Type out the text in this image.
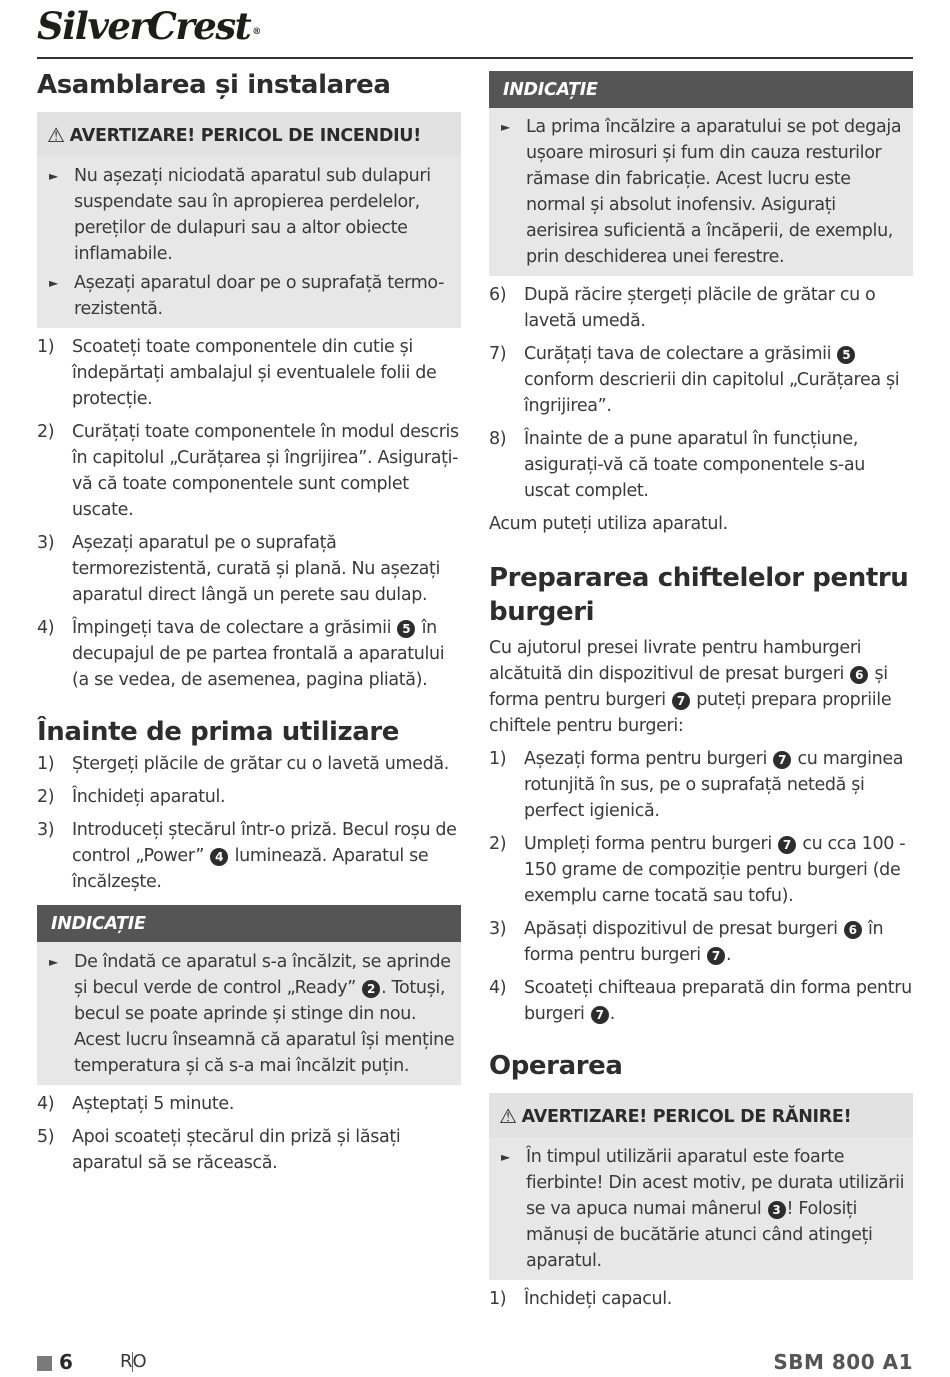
SilverCrest ®
Asamblarea și instalarea
⚠ AVERTIZARE! PERICOL DE INCENDIU!
► Nu așezați niciodată aparatul sub dulapuri suspendate sau în apropierea perdelelor, pereților de dulapuri sau a altor obiecte inflamabile.
► Așezați aparatul doar pe o suprafață termo-rezistentă.
1) Scoateți toate componentele din cutie și îndepărtați ambalajul și eventualele folii de protecție.
2) Curățați toate componentele în modul descris în capitolul „Curățarea și îngrijirea”. Asigurați-vă că toate componentele sunt complet uscate.
3) Așezați aparatul pe o suprafață termorezistentă, curată și plană. Nu așezați aparatul direct lângă un perete sau dulap.
4) Împingeți tava de colectare a grăsimii 5 în decupajul de pe partea frontală a aparatului (a se vedea, de asemenea, pagina pliată).
Înainte de prima utilizare
1) Ștergeți plăcile de grătar cu o lavetă umedă.
2) Închideți aparatul.
3) Introduceți ștecărul într-o priză. Becul roșu de control „Power” 4 luminează. Aparatul se încălzește.
INDICAȚIE
► De îndată ce aparatul s-a încălzit, se aprinde și becul verde de control „Ready” 2 . Totuși, becul se poate aprinde și stinge din nou. Acest lucru înseamnă că aparatul își menține temperatura și că s-a mai încălzit puțin.
4) Așteptați 5 minute.
5) Apoi scoateți ștecărul din priză și lăsați aparatul să se răcească.
INDICAȚIE
► La prima încălzire a aparatului se pot degaja ușoare mirosuri și fum din cauza resturilor rămase din fabricație. Acest lucru este normal și absolut inofensiv. Asigurați aerisirea suficientă a încăperii, de exemplu, prin deschiderea unei ferestre.
6) După răcire ștergeți plăcile de grătar cu o lavetă umedă.
7) Curățați tava de colectare a grăsimii 5 conform descrierii din capitolul „Curățarea și îngrijirea”.
8) Înainte de a pune aparatul în funcțiune, asigurați-vă că toate componentele s-au uscat complet.

Acum puteți utiliza aparatul.

Prepararea chiftelelor pentru burgeri

Cu ajutorul presei livrate pentru hamburgeri alcătuită din dispozitivul de presat burgeri 6 și forma pentru burgeri 7 puteți prepara propriile chiftele pentru burgeri:

1) Așezați forma pentru burgeri 7 cu marginea rotunjită în sus, pe o suprafață netedă și perfect igienică.
2) Umpleți forma pentru burgeri 7 cu cca 100 - 150 grame de compoziție pentru burgeri (de exemplu carne tocată sau tofu).
3) Apăsați dispozitivul de presat burgeri 6 în forma pentru burgeri 7 .
4) Scoateți chifteaua preparată din forma pentru burgeri 7 .
Operarea
⚠ AVERTIZARE! PERICOL DE RĂNIRE!
► În timpul utilizării aparatul este foarte fierbinte! Din acest motiv, pe durata utilizării se va apuca numai mânerul 3 ! Folosiți mănuși de bucătărie atunci când atingeți aparatul.
1) Închideți capacul.
6	RO	SBM 800 A1
